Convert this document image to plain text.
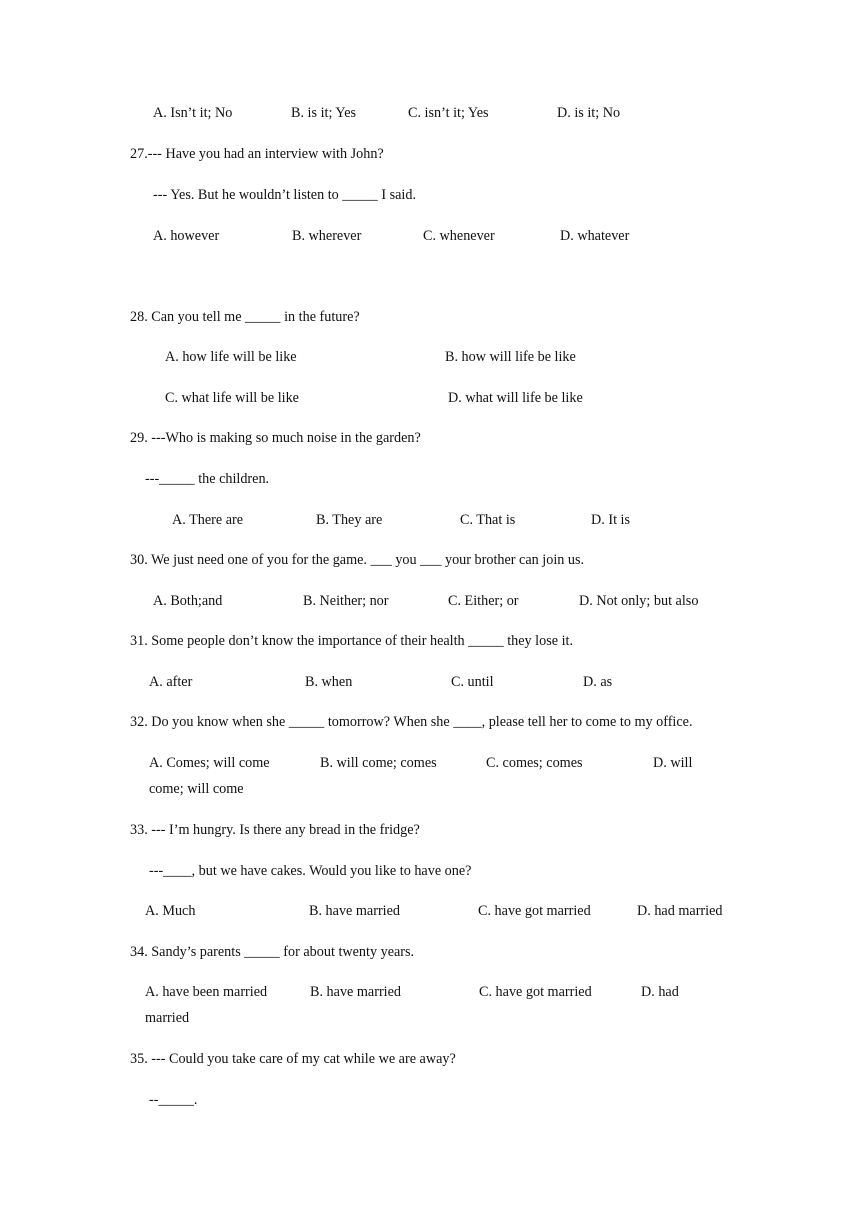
A. Isn’t it; No	B. is it; Yes	C. isn’t it; Yes	D. is it; No
27.--- Have you had an interview with John?
--- Yes. But he wouldn’t listen to _____ I said.
A. however	B. wherever	C. whenever	D. whatever
28. Can you tell me _____ in the future?
A. how life will be like	B. how will life be like
C. what life will be like	D. what will life be like
29. ---Who is making so much noise in the garden?
---_____ the children.
A. There are	B. They are	C. That is	D. It is
30. We just need one of you for the game. ___ you ___ your brother can join us.
A. Both;and	B. Neither; nor	C. Either; or	D. Not only; but also
31. Some people don’t know the importance of their health _____ they lose it.
A. after	B. when	C. until	D. as
32. Do you know when she _____ tomorrow? When she ____, please tell her to come to my office.
A. Comes; will come	B. will come; comes	C. comes; comes	D. will
come; will come
33. --- I’m hungry. Is there any bread in the fridge?
---____, but we have cakes. Would you like to have one?
A. Much	B. have married	C. have got married	D. had married
34. Sandy’s parents _____ for about twenty years.
A. have been married	B. have married	C. have got married	D. had
married
35. --- Could you take care of my cat while we are away?
--_____.
